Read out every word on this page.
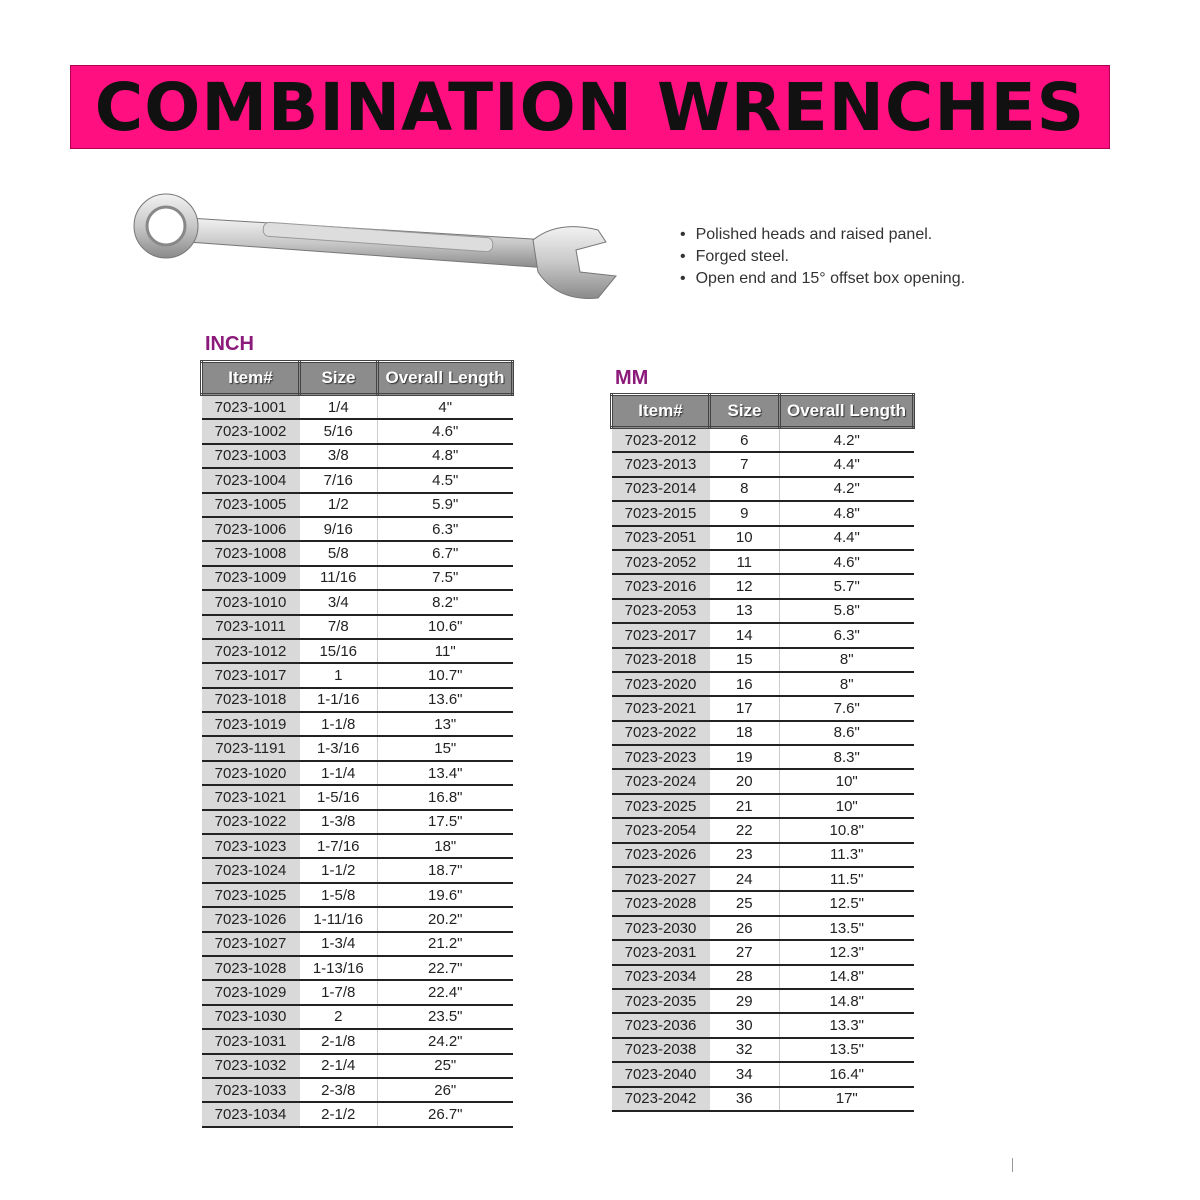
COMBINATION WRENCHES
• Polished heads and raised panel.
• Forged steel.
• Open end and 15° offset box opening.
INCH
Item#	Size	Overall Length
7023-1001	1/4	4"
7023-1002	5/16	4.6"
7023-1003	3/8	4.8"
7023-1004	7/16	4.5"
7023-1005	1/2	5.9"
7023-1006	9/16	6.3"
7023-1008	5/8	6.7"
7023-1009	11/16	7.5"
7023-1010	3/4	8.2"
7023-1011	7/8	10.6"
7023-1012	15/16	11"
7023-1017	1	10.7"
7023-1018	1-1/16	13.6"
7023-1019	1-1/8	13"
7023-1191	1-3/16	15"
7023-1020	1-1/4	13.4"
7023-1021	1-5/16	16.8"
7023-1022	1-3/8	17.5"
7023-1023	1-7/16	18"
7023-1024	1-1/2	18.7"
7023-1025	1-5/8	19.6"
7023-1026	1-11/16	20.2"
7023-1027	1-3/4	21.2"
7023-1028	1-13/16	22.7"
7023-1029	1-7/8	22.4"
7023-1030	2	23.5"
7023-1031	2-1/8	24.2"
7023-1032	2-1/4	25"
7023-1033	2-3/8	26"
7023-1034	2-1/2	26.7"
MM
Item#	Size	Overall Length
7023-2012	6	4.2"
7023-2013	7	4.4"
7023-2014	8	4.2"
7023-2015	9	4.8"
7023-2051	10	4.4"
7023-2052	11	4.6"
7023-2016	12	5.7"
7023-2053	13	5.8"
7023-2017	14	6.3"
7023-2018	15	8"
7023-2020	16	8"
7023-2021	17	7.6"
7023-2022	18	8.6"
7023-2023	19	8.3"
7023-2024	20	10"
7023-2025	21	10"
7023-2054	22	10.8"
7023-2026	23	11.3"
7023-2027	24	11.5"
7023-2028	25	12.5"
7023-2030	26	13.5"
7023-2031	27	12.3"
7023-2034	28	14.8"
7023-2035	29	14.8"
7023-2036	30	13.3"
7023-2038	32	13.5"
7023-2040	34	16.4"
7023-2042	36	17"
